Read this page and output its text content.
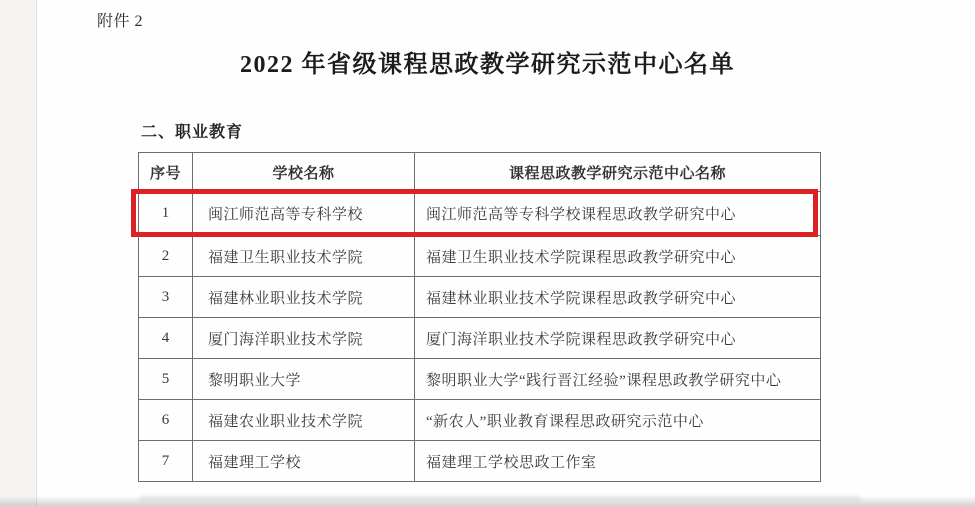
附件 2
2022 年省级课程思政教学研究示范中心名单
二、职业教育
序号	学校名称	课程思政教学研究示范中心名称
1	闽江师范高等专科学校	闽江师范高等专科学校课程思政教学研究中心
2	福建卫生职业技术学院	福建卫生职业技术学院课程思政教学研究中心
3	福建林业职业技术学院	福建林业职业技术学院课程思政教学研究中心
4	厦门海洋职业技术学院	厦门海洋职业技术学院课程思政教学研究中心
5	黎明职业大学	黎明职业大学“践行晋江经验”课程思政教学研究中心
6	福建农业职业技术学院	“新农人”职业教育课程思政研究示范中心
7	福建理工学校	福建理工学校思政工作室
